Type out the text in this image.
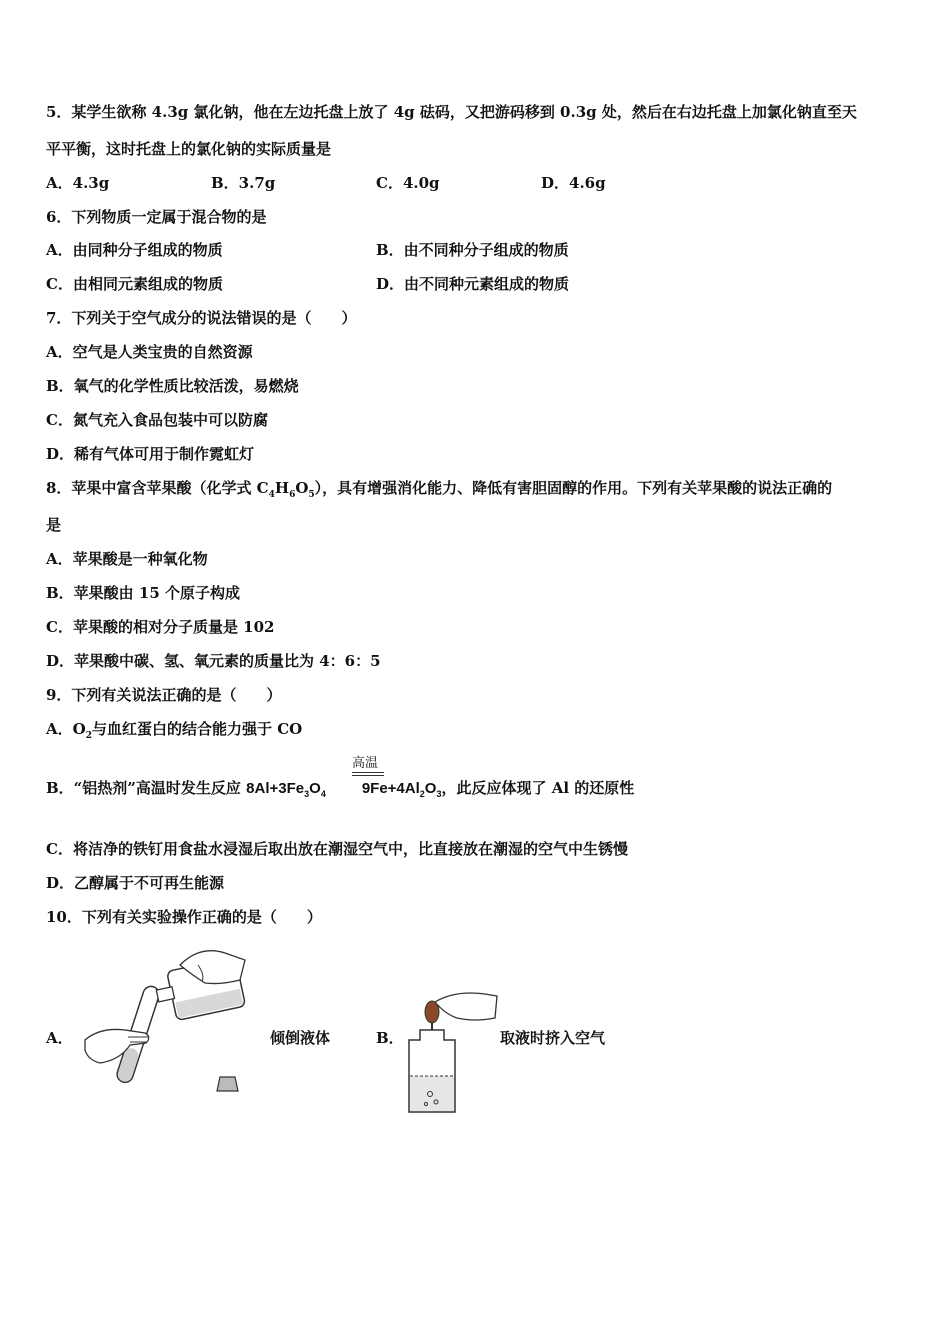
5．某学生欲称 4.3g 氯化钠，他在左边托盘上放了 4g 砝码，又把游码移到 0.3g 处，然后在右边托盘上加氯化钠直至天
平平衡，这时托盘上的氯化钠的实际质量是
A．4.3g	B．3.7g	C．4.0g	D．4.6g
6．下列物质一定属于混合物的是
A．由同种分子组成的物质	B．由不同种分子组成的物质
C．由相同元素组成的物质	D．由不同种元素组成的物质
7．下列关于空气成分的说法错误的是（　　）
A．空气是人类宝贵的自然资源
B．氧气的化学性质比较活泼，易燃烧
C．氮气充入食品包装中可以防腐
D．稀有气体可用于制作霓虹灯
8．苹果中富含苹果酸（化学式 $C_4H_6O_5$），具有增强消化能力、降低有害胆固醇的作用。下列有关苹果酸的说法正确的
是
A．苹果酸是一种氧化物
B．苹果酸由 15 个原子构成
C．苹果酸的相对分子质量是 102
D．苹果酸中碳、氢、氧元素的质量比为 4：6：5
9．下列有关说法正确的是（　　）
A．$O_2$与血红蛋白的结合能力强于 CO
高温
B．“铝热剂”高温时发生反应 $8Al+3Fe_3O_4$ $9Fe+4Al_2O_3$，此反应体现了 Al 的还原性
C．将洁净的铁钉用食盐水浸湿后取出放在潮湿空气中，比直接放在潮湿的空气中生锈慢
D．乙醇属于不可再生能源
10．下列有关实验操作正确的是（　　）
A．	倾倒液体	B．	取液时挤入空气
